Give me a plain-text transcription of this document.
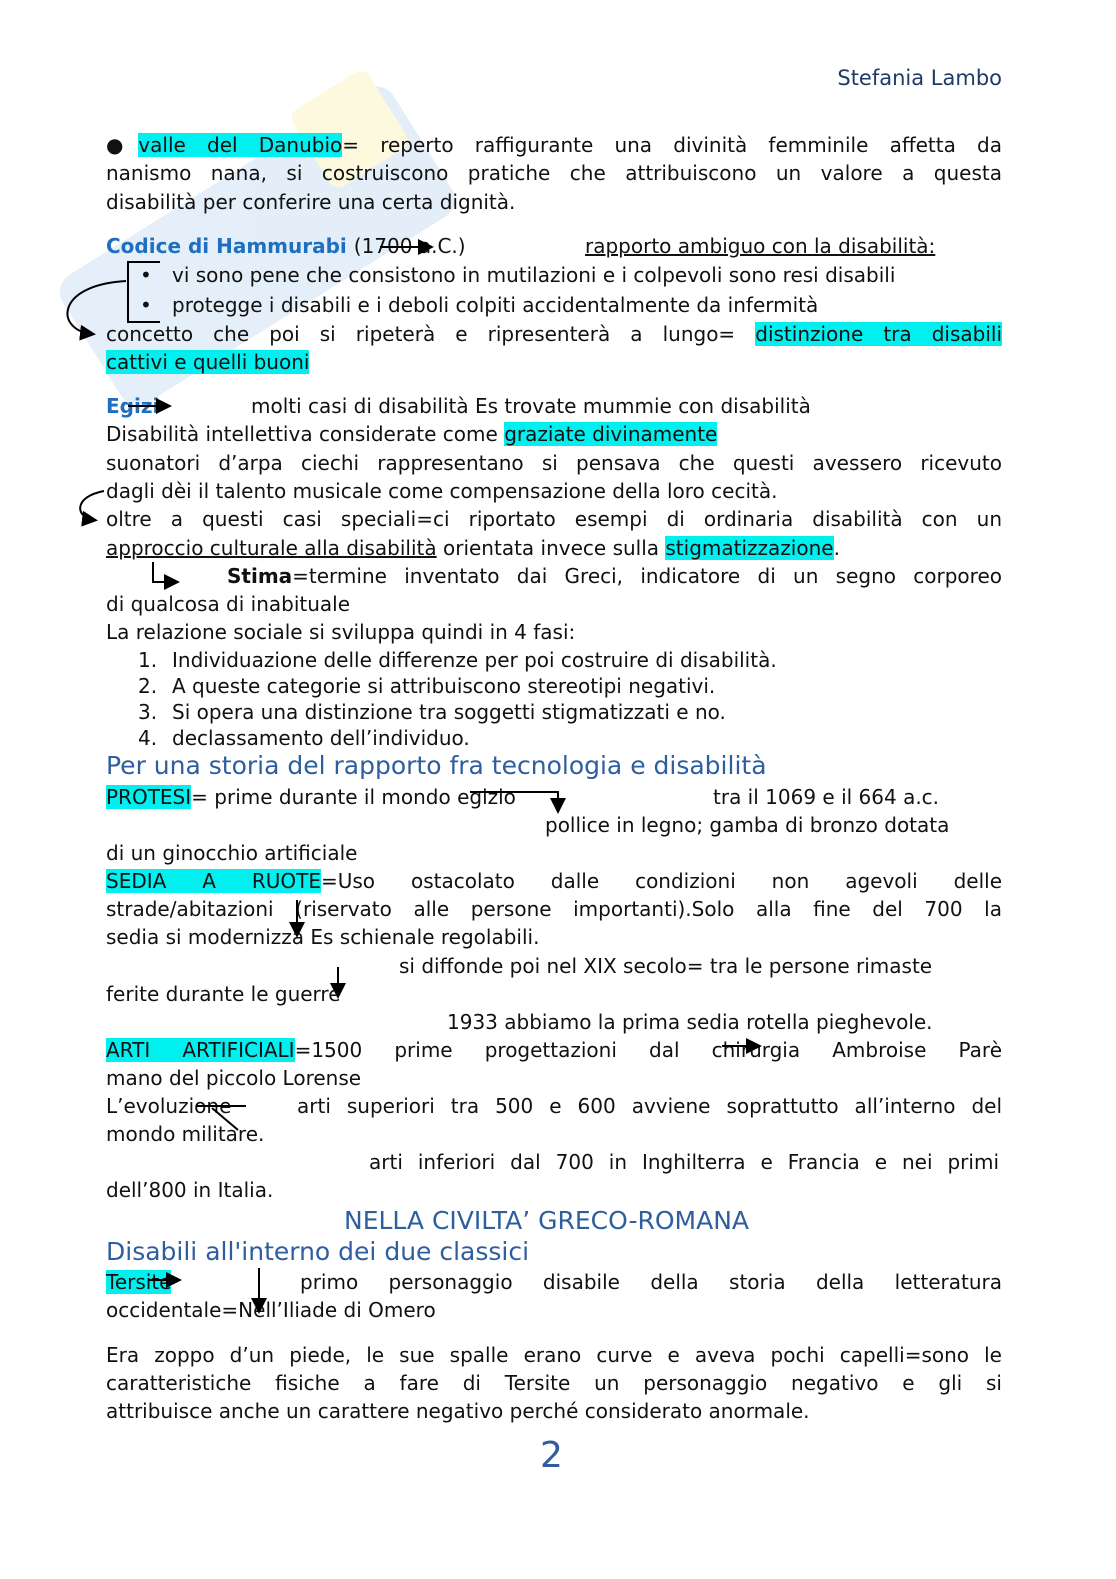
Stefania Lambo
●valle del Danubio= reperto raffigurante una divinità femminile affetta da
nanismo nana, si costruiscono pratiche che attribuiscono un valore a questa
disabilità per conferire una certa dignità.
Codice di Hammurabi (1700 a.C.)	rapporto ambiguo con la disabilità:
• vi sono pene che consistono in mutilazioni e i colpevoli sono resi disabili
• protegge i disabili e i deboli colpiti accidentalmente da infermità
concetto che poi si ripeterà e ripresenterà a lungo= distinzione tra disabili
cattivi e quelli buoni
Egizi	molti casi di disabilità Es trovate mummie con disabilità
Disabilità intellettiva considerate come graziate divinamente
suonatori d’arpa ciechi rappresentano si pensava che questi avessero ricevuto
dagli dèi il talento musicale come compensazione della loro cecità.
oltre a questi casi speciali=ci riportato esempi di ordinaria disabilità con un
approccio culturale alla disabilità orientata invece sulla stigmatizzazione.
Stima=termine inventato dai Greci, indicatore di un segno corporeo
di qualcosa di inabituale
La relazione sociale si sviluppa quindi in 4 fasi:
1. Individuazione delle differenze per poi costruire di disabilità.
2. A queste categorie si attribuiscono stereotipi negativi.
3. Si opera una distinzione tra soggetti stigmatizzati e no.
4. declassamento dell’individuo.
Per una storia del rapporto fra tecnologia e disabilità
PROTESI= prime durante il mondo egizio	tra il 1069 e il 664 a.c.
pollice in legno; gamba di bronzo dotata
di un ginocchio artificiale
SEDIA A RUOTE=Uso ostacolato dalle condizioni non agevoli delle
strade/abitazioni (riservato alle persone importanti).Solo alla fine del 700 la
sedia si modernizza Es schienale regolabili.
si diffonde poi nel XIX secolo= tra le persone rimaste
ferite durante le guerre
1933 abbiamo la prima sedia rotella pieghevole.
ARTI ARTIFICIALI=1500 prime progettazioni dal chirurgia Ambroise Parè
mano del piccolo Lorense
L’evoluzione	arti superiori tra 500 e 600 avviene soprattutto all’interno del
mondo militare.
arti inferiori dal 700 in Inghilterra e Francia e nei primi
dell’800 in Italia.
NELLA CIVILTA’ GRECO-ROMANA
Disabili all'interno dei due classici
Tersite	primo personaggio disabile della storia della letteratura
occidentale=Nell’Iliade di Omero
Era zoppo d’un piede, le sue spalle erano curve e aveva pochi capelli=sono le
caratteristiche fisiche a fare di Tersite un personaggio negativo e gli si
attribuisce anche un carattere negativo perché considerato anormale.
2
